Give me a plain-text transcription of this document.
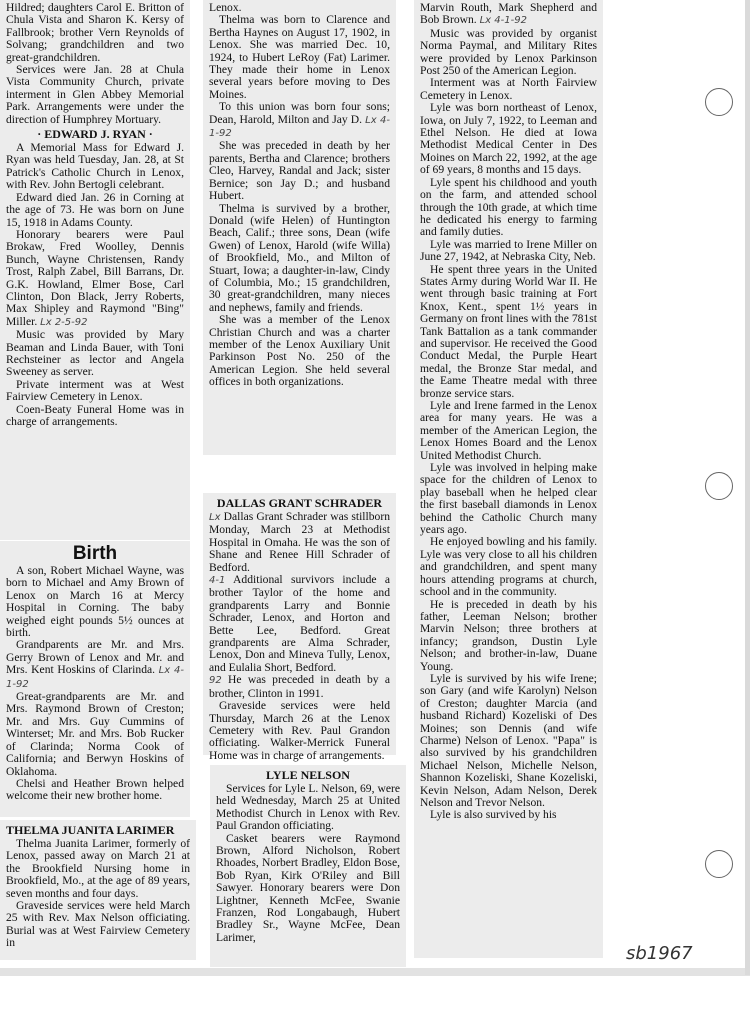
Hildred; daughters Carol E. Britton of Chula Vista and Sharon K. Kersy of Fallbrook; brother Vern Reynolds of Solvang; grandchildren and two great-grandchildren.

Services were Jan. 28 at Chula Vista Community Church, private interment in Glen Abbey Memorial Park. Arrangements were under the direction of Humphrey Mortuary.

· EDWARD J. RYAN ·

A Memorial Mass for Edward J. Ryan was held Tuesday, Jan. 28, at St Patrick's Catholic Church in Lenox, with Rev. John Bertogli celebrant.

Edward died Jan. 26 in Corning at the age of 73. He was born on June 15, 1918 in Adams County.

Honorary bearers were Paul Brokaw, Fred Woolley, Dennis Bunch, Wayne Christensen, Randy Trost, Ralph Zabel, Bill Barrans, Dr. G.K. Howland, Elmer Bose, Carl Clinton, Don Black, Jerry Roberts, Max Shipley and Raymond "Bing" Miller. Lx 2-5-92

Music was provided by Mary Beaman and Linda Bauer, with Toni Rechsteiner as lector and Angela Sweeney as server.

Private interment was at West Fairview Cemetery in Lenox.

Coen-Beaty Funeral Home was in charge of arrangements.

Birth

A son, Robert Michael Wayne, was born to Michael and Amy Brown of Lenox on March 16 at Mercy Hospital in Corning. The baby weighed eight pounds 5½ ounces at birth.

Grandparents are Mr. and Mrs. Gerry Brown of Lenox and Mr. and Mrs. Kent Hoskins of Clarinda. Lx 4-1-92

Great-grandparents are Mr. and Mrs. Raymond Brown of Creston; Mr. and Mrs. Guy Cummins of Winterset; Mr. and Mrs. Bob Rucker of Clarinda; Norma Cook of California; and Berwyn Hoskins of Oklahoma.

Chelsi and Heather Brown helped welcome their new brother home.

THELMA JUANITA LARIMER

Thelma Juanita Larimer, formerly of Lenox, passed away on March 21 at the Brookfield Nursing home in Brookfield, Mo., at the age of 89 years, seven months and four days.

Graveside services were held March 25 with Rev. Max Nelson officiating. Burial was at West Fairview Cemetery in

Lenox.

Thelma was born to Clarence and Bertha Haynes on August 17, 1902, in Lenox. She was married Dec. 10, 1924, to Hubert LeRoy (Fat) Larimer. They made their home in Lenox several years before moving to Des Moines.

To this union was born four sons; Dean, Harold, Milton and Jay D. Lx 4-1-92

She was preceded in death by her parents, Bertha and Clarence; brothers Cleo, Harvey, Randal and Jack; sister Bernice; son Jay D.; and husband Hubert.

Thelma is survived by a brother, Donald (wife Helen) of Huntington Beach, Calif.; three sons, Dean (wife Gwen) of Lenox, Harold (wife Willa) of Brookfield, Mo., and Milton of Stuart, Iowa; a daughter-in-law, Cindy of Columbia, Mo.; 15 grandchildren, 30 great-grandchildren, many nieces and nephews, family and friends.

She was a member of the Lenox Christian Church and was a charter member of the Lenox Auxiliary Unit Parkinson Post No. 250 of the American Legion. She held several offices in both organizations.

DALLAS GRANT SCHRADER

Lx Dallas Grant Schrader was stillborn Monday, March 23 at Methodist Hospital in Omaha. He was the son of Shane and Renee Hill Schrader of Bedford.

4-1 Additional survivors include a brother Taylor of the home and grandparents Larry and Bonnie Schrader, Lenox, and Horton and Bette Lee, Bedford. Great grandparents are Alma Schrader, Lenox, Don and Mineva Tully, Lenox, and Eulalia Short, Bedford.

92 He was preceded in death by a brother, Clinton in 1991.

Graveside services were held Thursday, March 26 at the Lenox Cemetery with Rev. Paul Grandon officiating. Walker-Merrick Funeral Home was in charge of arrangements.

LYLE NELSON

Services for Lyle L. Nelson, 69, were held Wednesday, March 25 at United Methodist Church in Lenox with Rev. Paul Grandon officiating.

Casket bearers were Raymond Brown, Alford Nicholson, Robert Rhoades, Norbert Bradley, Eldon Bose, Bob Ryan, Kirk O'Riley and Bill Sawyer. Honorary bearers were Don Lightner, Kenneth McFee, Swanie Franzen, Rod Longabaugh, Hubert Bradley Sr., Wayne McFee, Dean Larimer,

Marvin Routh, Mark Shepherd and Bob Brown. Lx 4-1-92

Music was provided by organist Norma Paymal, and Military Rites were provided by Lenox Parkinson Post 250 of the American Legion.

Interment was at North Fairview Cemetery in Lenox.

Lyle was born northeast of Lenox, Iowa, on July 7, 1922, to Leeman and Ethel Nelson. He died at Iowa Methodist Medical Center in Des Moines on March 22, 1992, at the age of 69 years, 8 months and 15 days.

Lyle spent his childhood and youth on the farm, and attended school through the 10th grade, at which time he dedicated his energy to farming and family duties.

Lyle was married to Irene Miller on June 27, 1942, at Nebraska City, Neb.

He spent three years in the United States Army during World War II. He went through basic training at Fort Knox, Kent., spent 1½ years in Germany on front lines with the 781st Tank Battalion as a tank commander and supervisor. He received the Good Conduct Medal, the Purple Heart medal, the Bronze Star medal, and the Eame Theatre medal with three bronze service stars.

Lyle and Irene farmed in the Lenox area for many years. He was a member of the American Legion, the Lenox Homes Board and the Lenox United Methodist Church.

Lyle was involved in helping make space for the children of Lenox to play baseball when he helped clear the first baseball diamonds in Lenox behind the Catholic Church many years ago.

He enjoyed bowling and his family. Lyle was very close to all his children and grandchildren, and spent many hours attending programs at church, school and in the community.

He is preceded in death by his father, Leeman Nelson; brother Marvin Nelson; three brothers at infancy; grandson, Dustin Lyle Nelson; and brother-in-law, Duane Young.

Lyle is survived by his wife Irene; son Gary (and wife Karolyn) Nelson of Creston; daughter Marcia (and husband Richard) Kozeliski of Des Moines; son Dennis (and wife Charme) Nelson of Lenox. "Papa" is also survived by his grandchildren Michael Nelson, Michelle Nelson, Shannon Kozeliski, Shane Kozeliski, Kevin Nelson, Adam Nelson, Derek Nelson and Trevor Nelson.

Lyle is also survived by his

sb1967
